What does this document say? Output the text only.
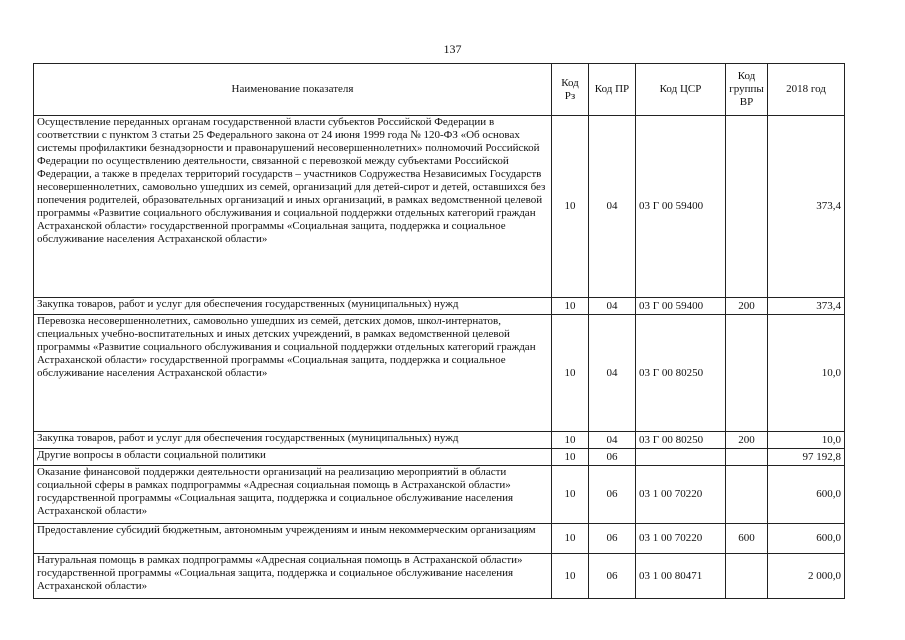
137
Наименование показателя	Код Рз	Код ПР	Код ЦСР	Код группы ВР	2018 год
Осуществление переданных органам государственной власти субъектов Российской Федерации в соответствии с пунктом 3 статьи 25 Федерального закона от 24 июня 1999 года № 120-ФЗ «Об основах системы профилактики безнадзорности и правонарушений несовершеннолетних» полномочий Российской Федерации по осуществлению деятельности, связанной с перевозкой между субъектами Российской Федерации, а также в пределах территорий государств – участников Содружества Независимых Государств несовершеннолетних, самовольно ушедших из семей, организаций для детей-сирот и детей, оставшихся без попечения родителей, образовательных организаций и иных организаций, в рамках ведомственной целевой программы «Развитие социального обслуживания и социальной поддержки отдельных категорий граждан Астраханской области» государственной программы «Социальная защита, поддержка и социальное обслуживание населения Астраханской области»	10	04	03 Г 00 59400		373,4
Закупка товаров, работ и услуг для обеспечения государственных (муниципальных) нужд	10	04	03 Г 00 59400	200	373,4
Перевозка несовершеннолетних, самовольно ушедших из семей, детских домов, школ-интернатов, специальных учебно-воспитательных и иных детских учреждений, в рамках ведомственной целевой программы «Развитие социального обслуживания и социальной поддержки отдельных категорий граждан Астраханской области» государственной программы «Социальная защита, поддержка и социальное обслуживание населения Астраханской области»	10	04	03 Г 00 80250		10,0
Закупка товаров, работ и услуг для обеспечения государственных (муниципальных) нужд	10	04	03 Г 00 80250	200	10,0
Другие вопросы в области социальной политики	10	06			97 192,8
Оказание финансовой поддержки деятельности организаций на реализацию мероприятий в области социальной сферы в рамках подпрограммы «Адресная социальная помощь в Астраханской области» государственной программы «Социальная защита, поддержка и социальное обслуживание населения Астраханской области»	10	06	03 1 00 70220		600,0
Предоставление субсидий бюджетным, автономным учреждениям и иным некоммерческим организациям	10	06	03 1 00 70220	600	600,0
Натуральная помощь в рамках подпрограммы «Адресная социальная помощь в Астраханской области» государственной программы «Социальная защита, поддержка и социальное обслуживание населения Астраханской области»	10	06	03 1 00 80471		2 000,0
